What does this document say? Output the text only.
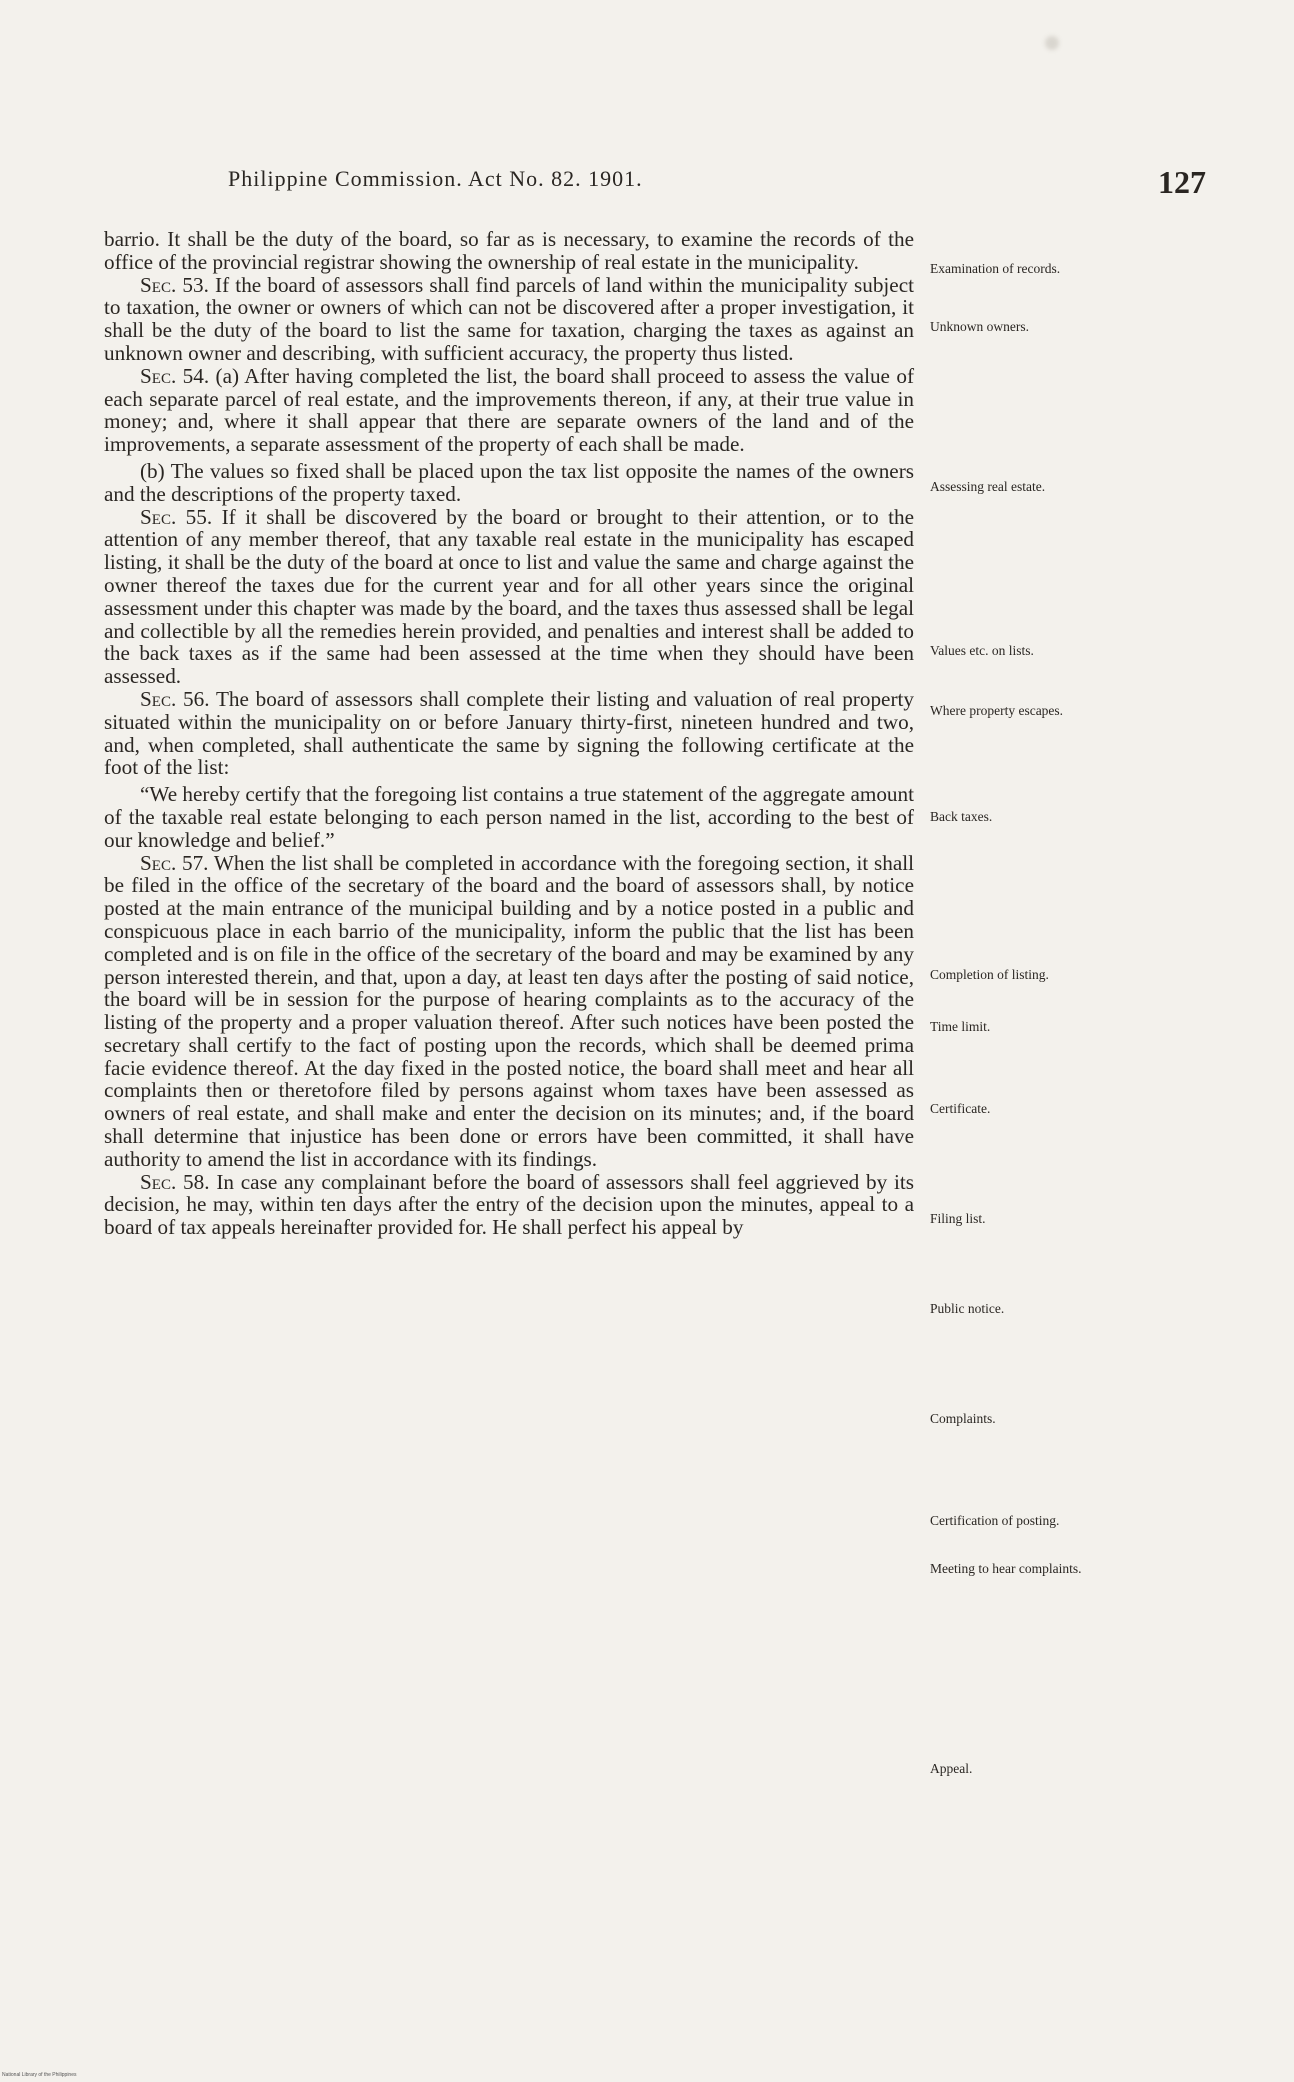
Philippine Commission. Act No. 82. 1901.	127

barrio. It shall be the duty of the board, so far as is necessary, to examine the records of the office of the provincial registrar showing the ownership of real estate in the municipality.

Sec. 53. If the board of assessors shall find parcels of land within the municipality subject to taxation, the owner or owners of which can not be discovered after a proper investigation, it shall be the duty of the board to list the same for taxation, charging the taxes as against an unknown owner and describing, with sufficient accuracy, the property thus listed.

Sec. 54. (a) After having completed the list, the board shall proceed to assess the value of each separate parcel of real estate, and the improvements thereon, if any, at their true value in money; and, where it shall appear that there are separate owners of the land and of the improvements, a separate assessment of the property of each shall be made.

(b) The values so fixed shall be placed upon the tax list opposite the names of the owners and the descriptions of the property taxed.

Sec. 55. If it shall be discovered by the board or brought to their attention, or to the attention of any member thereof, that any taxable real estate in the municipality has escaped listing, it shall be the duty of the board at once to list and value the same and charge against the owner thereof the taxes due for the current year and for all other years since the original assessment under this chapter was made by the board, and the taxes thus assessed shall be legal and collectible by all the remedies herein provided, and penalties and interest shall be added to the back taxes as if the same had been assessed at the time when they should have been assessed.

Sec. 56. The board of assessors shall complete their listing and valuation of real property situated within the municipality on or before January thirty-first, nineteen hundred and two, and, when completed, shall authenticate the same by signing the following certificate at the foot of the list:

“We hereby certify that the foregoing list contains a true statement of the aggregate amount of the taxable real estate belonging to each person named in the list, according to the best of our knowledge and belief.”

Sec. 57. When the list shall be completed in accordance with the foregoing section, it shall be filed in the office of the secretary of the board and the board of assessors shall, by notice posted at the main entrance of the municipal building and by a notice posted in a public and conspicuous place in each barrio of the municipality, inform the public that the list has been completed and is on file in the office of the secretary of the board and may be examined by any person interested therein, and that, upon a day, at least ten days after the posting of said notice, the board will be in session for the purpose of hearing complaints as to the accuracy of the listing of the property and a proper valuation thereof. After such notices have been posted the secretary shall certify to the fact of posting upon the records, which shall be deemed prima facie evidence thereof. At the day fixed in the posted notice, the board shall meet and hear all complaints then or theretofore filed by persons against whom taxes have been assessed as owners of real estate, and shall make and enter the decision on its minutes; and, if the board shall determine that injustice has been done or errors have been committed, it shall have authority to amend the list in accordance with its findings.

Sec. 58. In case any complainant before the board of assessors shall feel aggrieved by its decision, he may, within ten days after the entry of the decision upon the minutes, appeal to a board of tax appeals hereinafter provided for. He shall perfect his appeal by

Examination of records.
Unknown owners.
Assessing real estate.
Values etc. on lists.
Where property escapes.
Back taxes.
Completion of listing.
Time limit.
Certificate.
Filing list.
Public notice.
Complaints.
Certification of posting.
Meeting to hear complaints.
Appeal.
National Library of the Philippines
